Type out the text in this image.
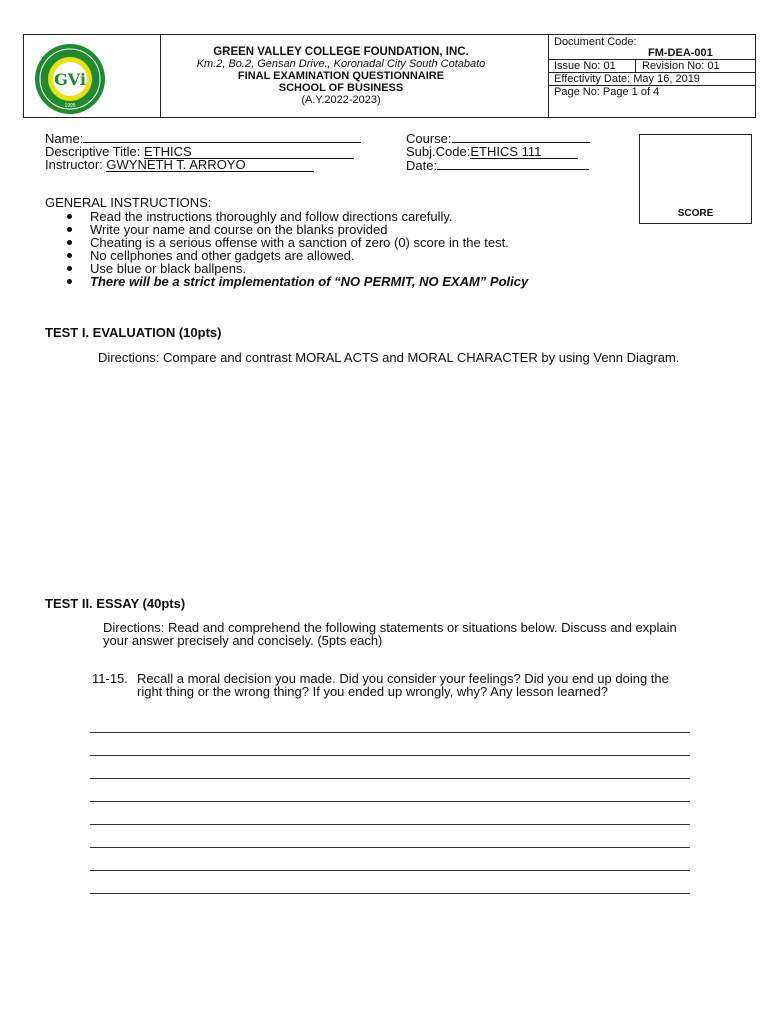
GVi
1995
GREEN VALLEY COLLEGE FOUNDATION, INC.
Km.2, Bo.2, Gensan Drive., Koronadal City South Cotabato
FINAL EXAMINATION QUESTIONNAIRE
SCHOOL OF BUSINESS
(A.Y.2022-2023)
Document Code:
FM-DEA-001
Issue No: 01 Revision No: 01
Effectivity Date: May 16, 2019
Page No: Page 1 of 4
Name:
Descriptive Title: ETHICS
Instructor: GWYNETH T. ARROYO
Course:
Subj.Code:ETHICS 111
Date:
SCORE
GENERAL INSTRUCTIONS:
Read the instructions thoroughly and follow directions carefully.
Write your name and course on the blanks provided
Cheating is a serious offense with a sanction of zero (0) score in the test.
No cellphones and other gadgets are allowed.
Use blue or black ballpens.
There will be a strict implementation of “NO PERMIT, NO EXAM” Policy
TEST I. EVALUATION (10pts)
Directions: Compare and contrast MORAL ACTS and MORAL CHARACTER by using Venn Diagram.
TEST II. ESSAY (40pts)
Directions: Read and comprehend the following statements or situations below. Discuss and explain
your answer precisely and concisely. (5pts each)
11-15. Recall a moral decision you made. Did you consider your feelings? Did you end up doing the
right thing or the wrong thing? If you ended up wrongly, why? Any lesson learned?
